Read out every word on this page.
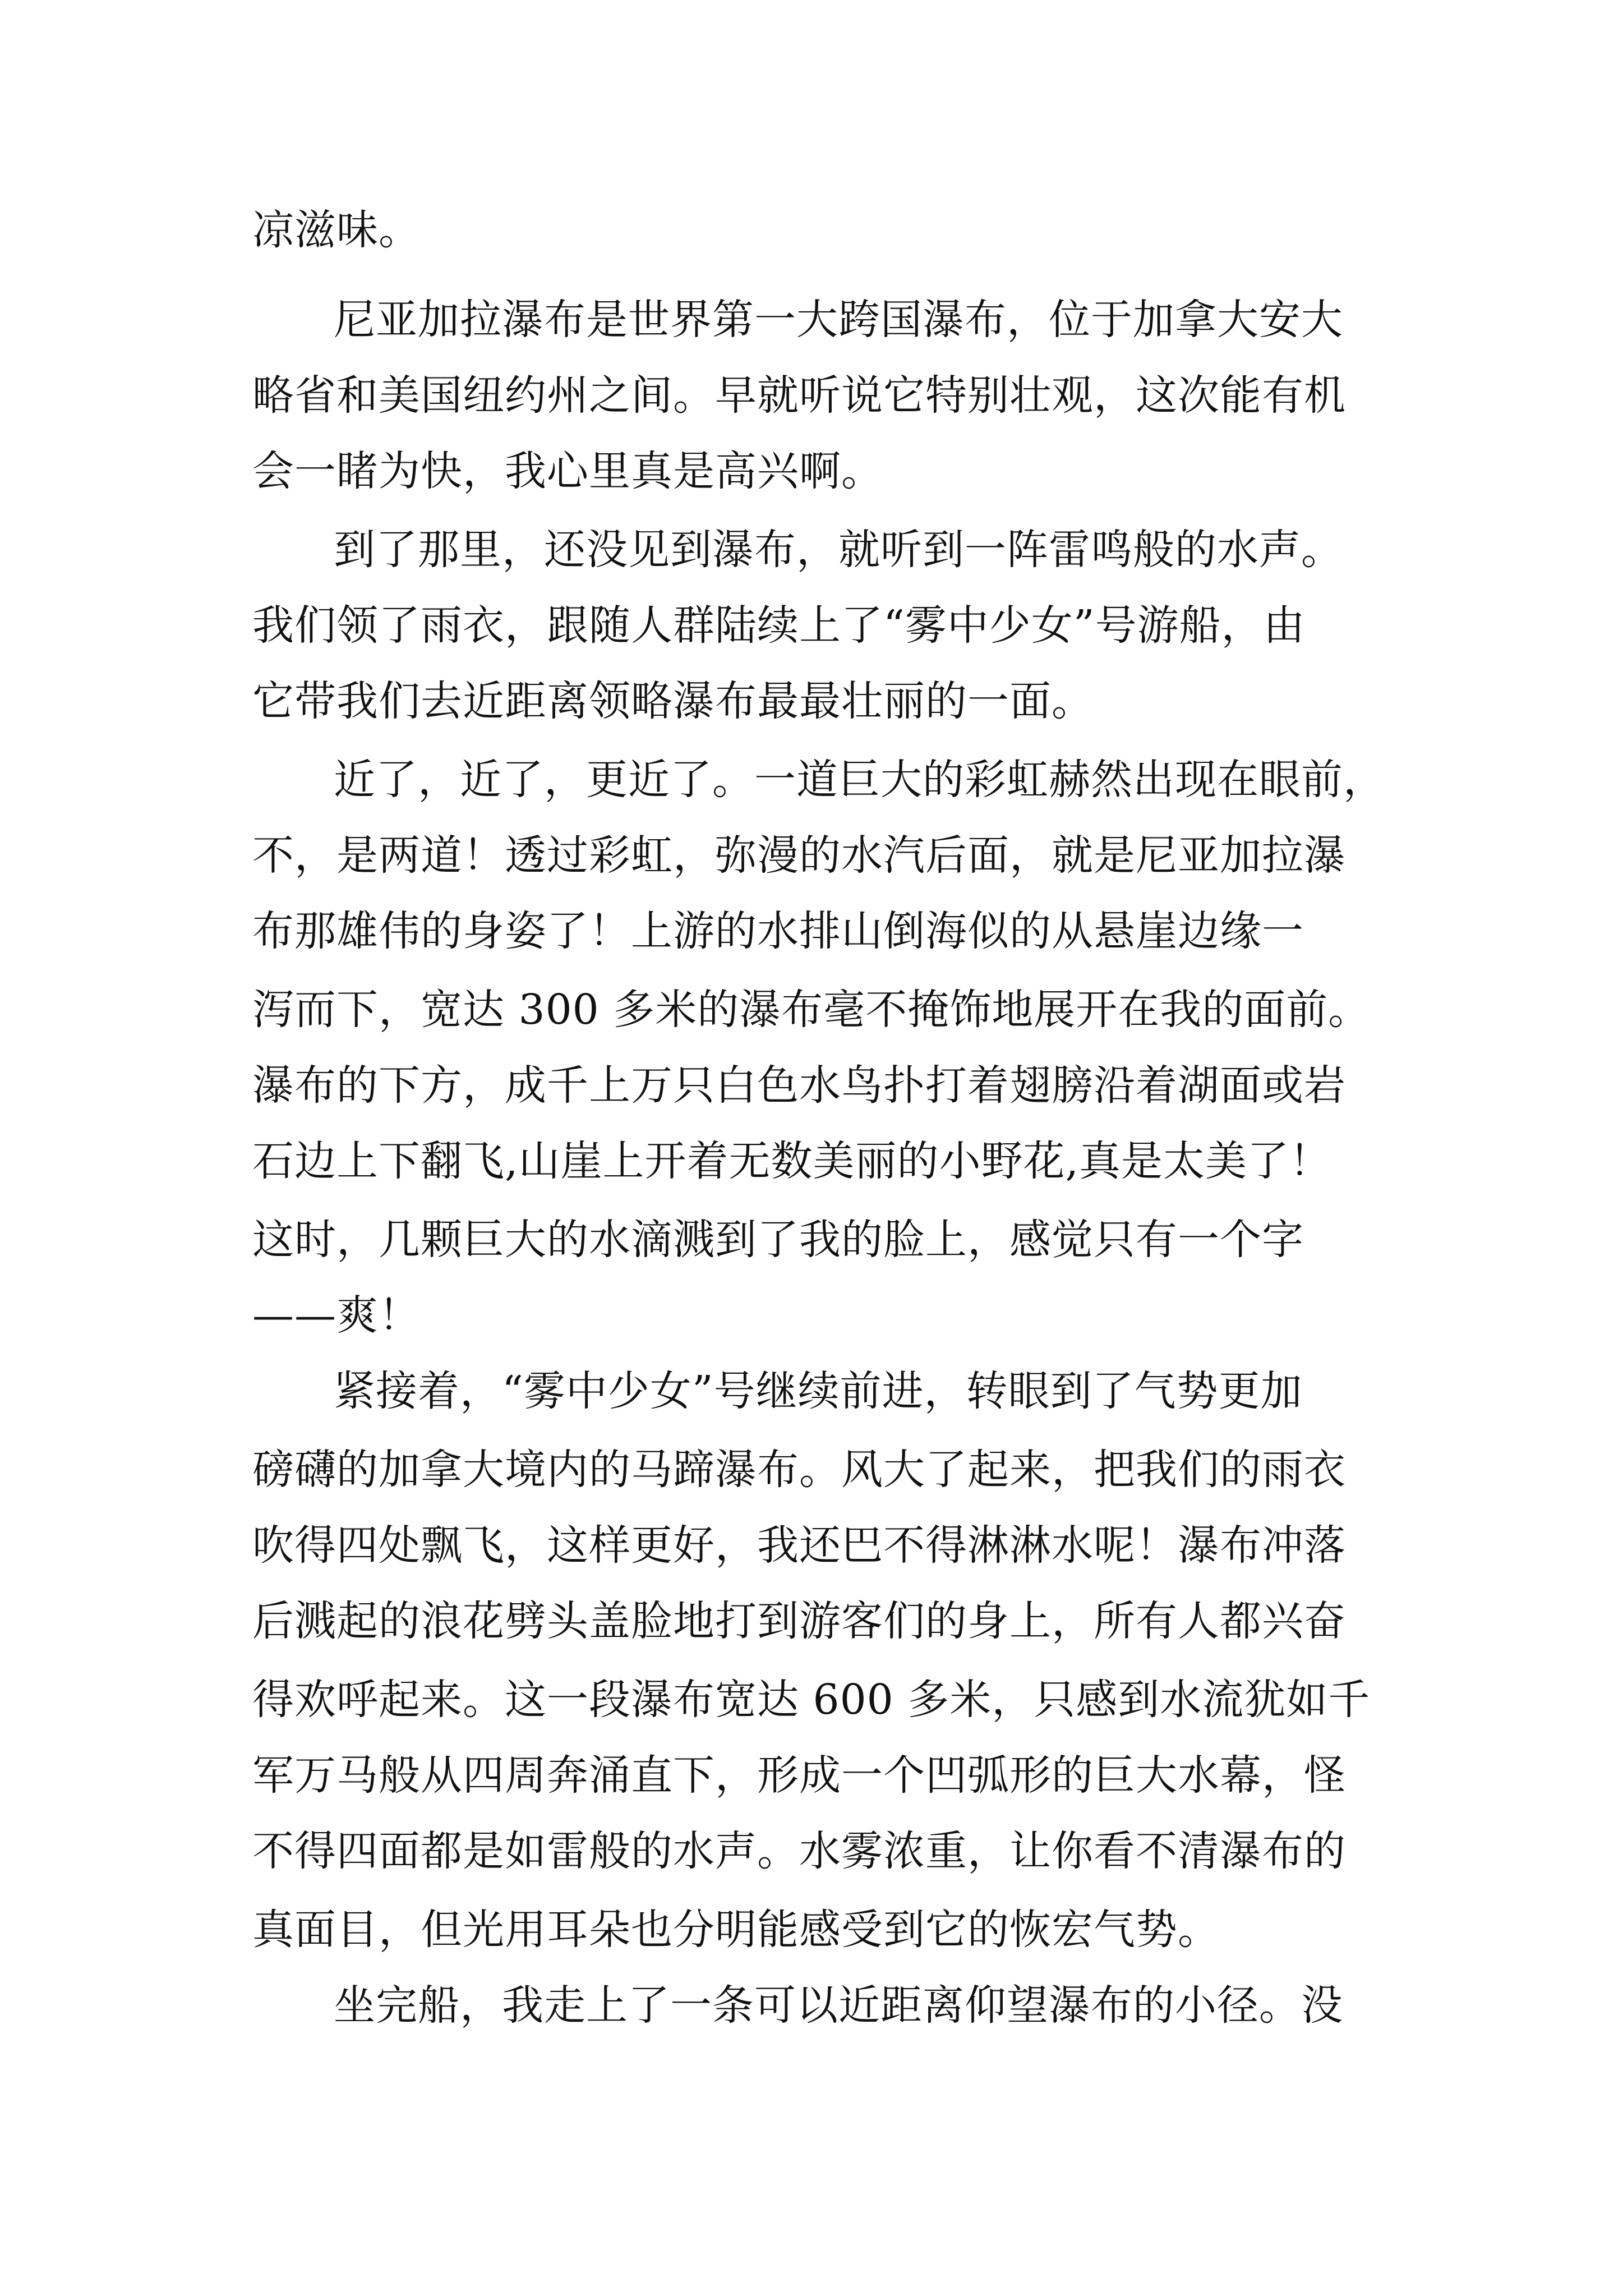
凉滋味。

尼亚加拉瀑布是世界第一大跨国瀑布，位于加拿大安大

略省和美国纽约州之间。早就听说它特别壮观，这次能有机

会一睹为快，我心里真是高兴啊。

到了那里，还没见到瀑布，就听到一阵雷鸣般的水声。

我们领了雨衣，跟随人群陆续上了“雾中少女”号游船，由

它带我们去近距离领略瀑布最最壮丽的一面。

近了，近了，更近了。一道巨大的彩虹赫然出现在眼前，

不，是两道！透过彩虹，弥漫的水汽后面，就是尼亚加拉瀑

布那雄伟的身姿了！上游的水排山倒海似的从悬崖边缘一

泻而下，宽达 300 多米的瀑布毫不掩饰地展开在我的面前。

瀑布的下方，成千上万只白色水鸟扑打着翅膀沿着湖面或岩

石边上下翻飞,山崖上开着无数美丽的小野花,真是太美了！

这时，几颗巨大的水滴溅到了我的脸上，感觉只有一个字

——爽！

紧接着，“雾中少女”号继续前进，转眼到了气势更加

磅礴的加拿大境内的马蹄瀑布。风大了起来，把我们的雨衣

吹得四处飘飞，这样更好，我还巴不得淋淋水呢！瀑布冲落

后溅起的浪花劈头盖脸地打到游客们的身上，所有人都兴奋

得欢呼起来。这一段瀑布宽达 600 多米，只感到水流犹如千

军万马般从四周奔涌直下，形成一个凹弧形的巨大水幕，怪

不得四面都是如雷般的水声。水雾浓重，让你看不清瀑布的

真面目，但光用耳朵也分明能感受到它的恢宏气势。

坐完船，我走上了一条可以近距离仰望瀑布的小径。没
